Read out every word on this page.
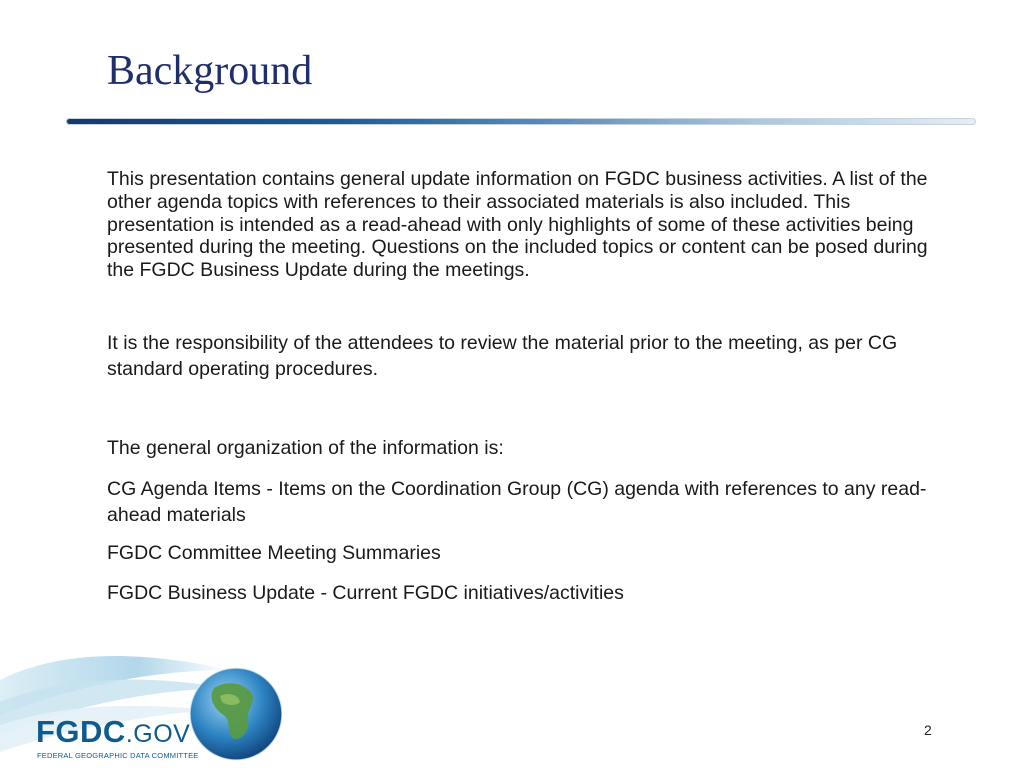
Background
This presentation contains general update information on FGDC business activities. A list of the other agenda topics with references to their associated materials is also included. This presentation is intended as a read-ahead with only highlights of some of these activities being presented during the meeting. Questions on the included topics or content can be posed during the FGDC Business Update during the meetings.
It is the responsibility of the attendees to review the material prior to the meeting, as per CG standard operating procedures.
The general organization of the information is:
CG Agenda Items - Items on the Coordination Group (CG) agenda with references to any read-ahead materials
FGDC Committee Meeting Summaries
FGDC Business Update - Current FGDC initiatives/activities
FGDC.GOV
FEDERAL GEOGRAPHIC DATA COMMITTEE
2
